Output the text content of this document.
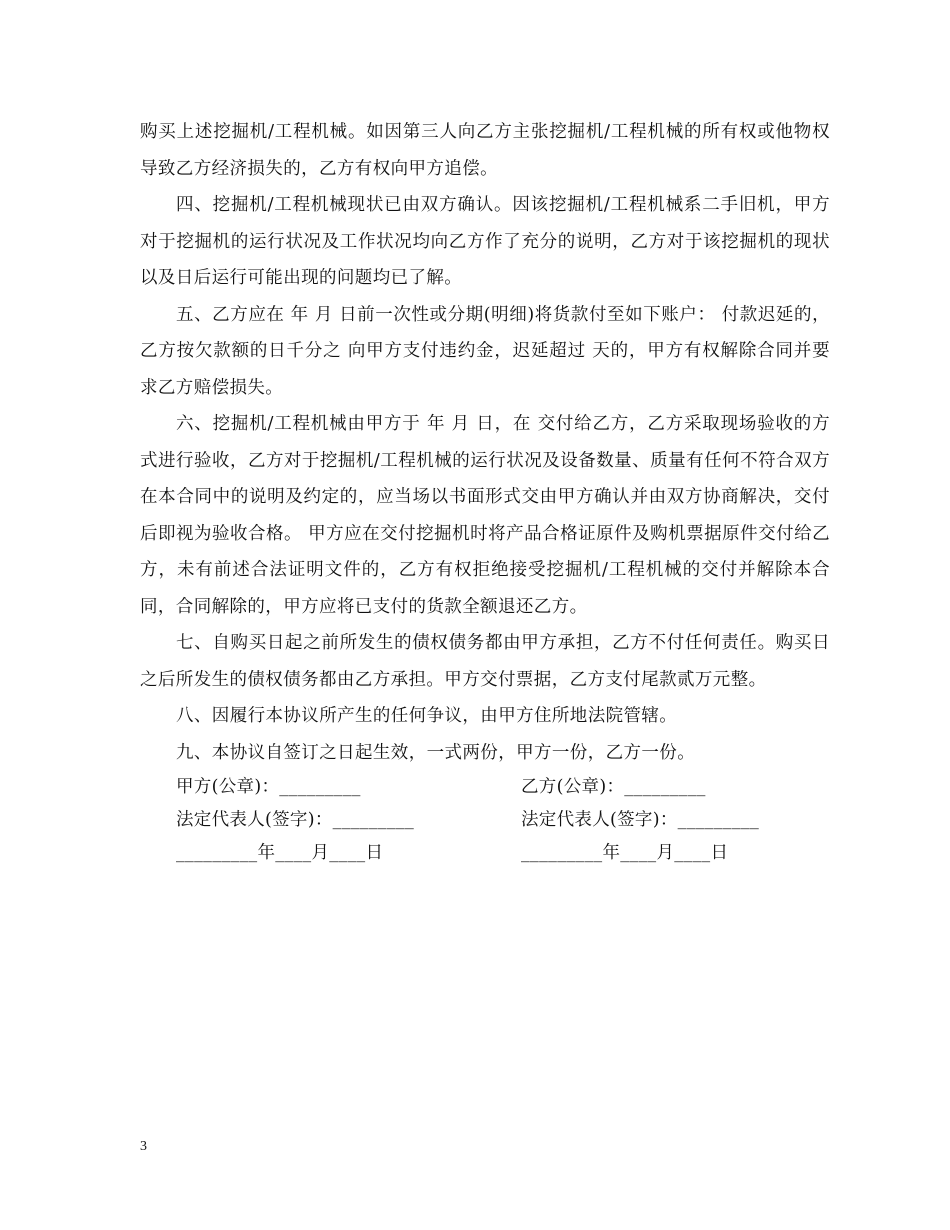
购买上述挖掘机/工程机械。如因第三人向乙方主张挖掘机/工程机械的所有权或他物权导致乙方经济损失的，乙方有权向甲方追偿。

四、挖掘机/工程机械现状已由双方确认。因该挖掘机/工程机械系二手旧机，甲方对于挖掘机的运行状况及工作状况均向乙方作了充分的说明，乙方对于该挖掘机的现状以及日后运行可能出现的问题均已了解。

五、乙方应在 年 月 日前一次性或分期(明细)将货款付至如下账户： 付款迟延的，乙方按欠款额的日千分之 向甲方支付违约金，迟延超过 天的，甲方有权解除合同并要求乙方赔偿损失。

六、挖掘机/工程机械由甲方于 年 月 日，在 交付给乙方，乙方采取现场验收的方式进行验收，乙方对于挖掘机/工程机械的运行状况及设备数量、质量有任何不符合双方在本合同中的说明及约定的，应当场以书面形式交由甲方确认并由双方协商解决，交付后即视为验收合格。 甲方应在交付挖掘机时将产品合格证原件及购机票据原件交付给乙方，未有前述合法证明文件的，乙方有权拒绝接受挖掘机/工程机械的交付并解除本合同，合同解除的，甲方应将已支付的货款全额退还乙方。

七、自购买日起之前所发生的债权债务都由甲方承担，乙方不付任何责任。购买日之后所发生的债权债务都由乙方承担。甲方交付票据，乙方支付尾款贰万元整。

八、因履行本协议所产生的任何争议，由甲方住所地法院管辖。

九、本协议自签订之日起生效，一式两份，甲方一份，乙方一份。

甲方(公章)：_________	乙方(公章)：_________
法定代表人(签字)：_________	法定代表人(签字)：_________
_________年____月____日	_________年____月____日
3
